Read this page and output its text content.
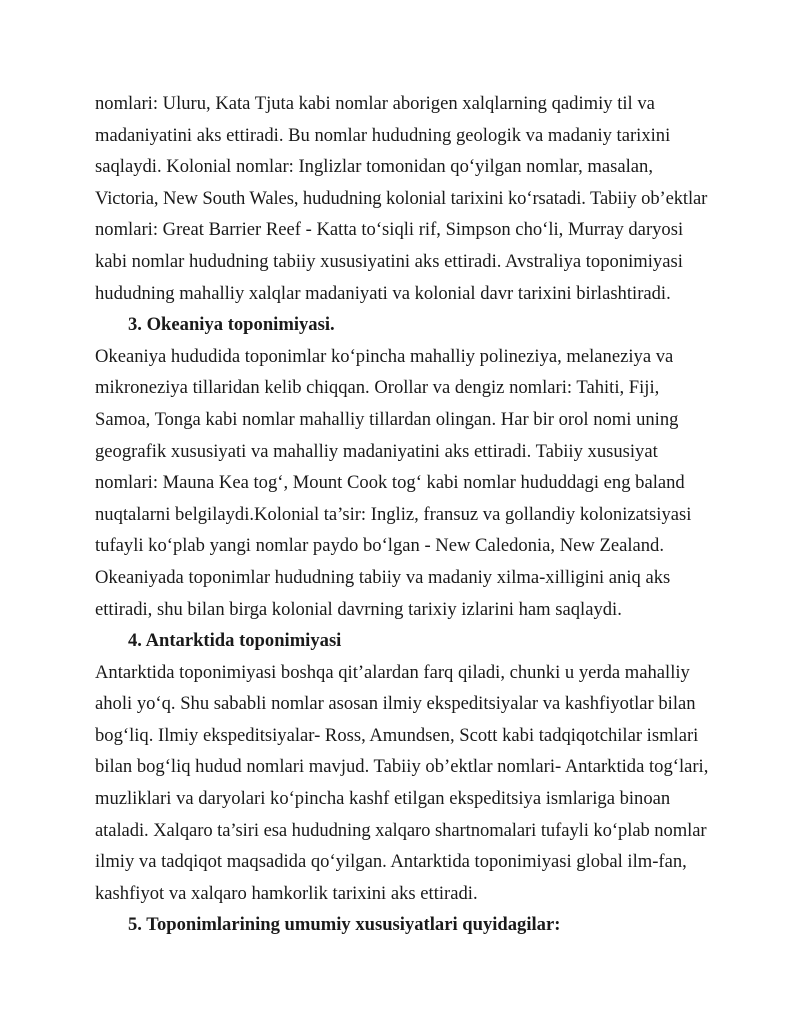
nomlari: Uluru, Kata Tjuta kabi nomlar aborigen xalqlarning qadimiy til va
madaniyatini aks ettiradi. Bu nomlar hududning geologik va madaniy tarixini
saqlaydi. Kolonial nomlar: Inglizlar tomonidan qo‘yilgan nomlar, masalan,
Victoria, New South Wales, hududning kolonial tarixini ko‘rsatadi. Tabiiy ob’ektlar
nomlari: Great Barrier Reef - Katta to‘siqli rif, Simpson cho‘li, Murray daryosi
kabi nomlar hududning tabiiy xususiyatini aks ettiradi. Avstraliya toponimiyasi
hududning mahalliy xalqlar madaniyati va kolonial davr tarixini birlashtiradi.
3. Okeaniya toponimiyasi.
Okeaniya hududida toponimlar ko‘pincha mahalliy polineziya, melaneziya va
mikroneziya tillaridan kelib chiqqan. Orollar va dengiz nomlari: Tahiti, Fiji,
Samoa, Tonga kabi nomlar mahalliy tillardan olingan. Har bir orol nomi uning
geografik xususiyati va mahalliy madaniyatini aks ettiradi. Tabiiy xususiyat
nomlari: Mauna Kea tog‘, Mount Cook tog‘ kabi nomlar hududdagi eng baland
nuqtalarni belgilaydi.Kolonial ta’sir: Ingliz, fransuz va gollandiy kolonizatsiyasi
tufayli ko‘plab yangi nomlar paydo bo‘lgan - New Caledonia, New Zealand.
Okeaniyada toponimlar hududning tabiiy va madaniy xilma-xilligini aniq aks
ettiradi, shu bilan birga kolonial davrning tarixiy izlarini ham saqlaydi.
4. Antarktida toponimiyasi
Antarktida toponimiyasi boshqa qit’alardan farq qiladi, chunki u yerda mahalliy
aholi yo‘q. Shu sababli nomlar asosan ilmiy ekspeditsiyalar va kashfiyotlar bilan
bog‘liq. Ilmiy ekspeditsiyalar- Ross, Amundsen, Scott kabi tadqiqotchilar ismlari
bilan bog‘liq hudud nomlari mavjud. Tabiiy ob’ektlar nomlari- Antarktida tog‘lari,
muzliklari va daryolari ko‘pincha kashf etilgan ekspeditsiya ismlariga binoan
ataladi. Xalqaro ta’siri esa hududning xalqaro shartnomalari tufayli ko‘plab nomlar
ilmiy va tadqiqot maqsadida qo‘yilgan. Antarktida toponimiyasi global ilm-fan,
kashfiyot va xalqaro hamkorlik tarixini aks ettiradi.
5. Toponimlarining umumiy xususiyatlari quyidagilar:
